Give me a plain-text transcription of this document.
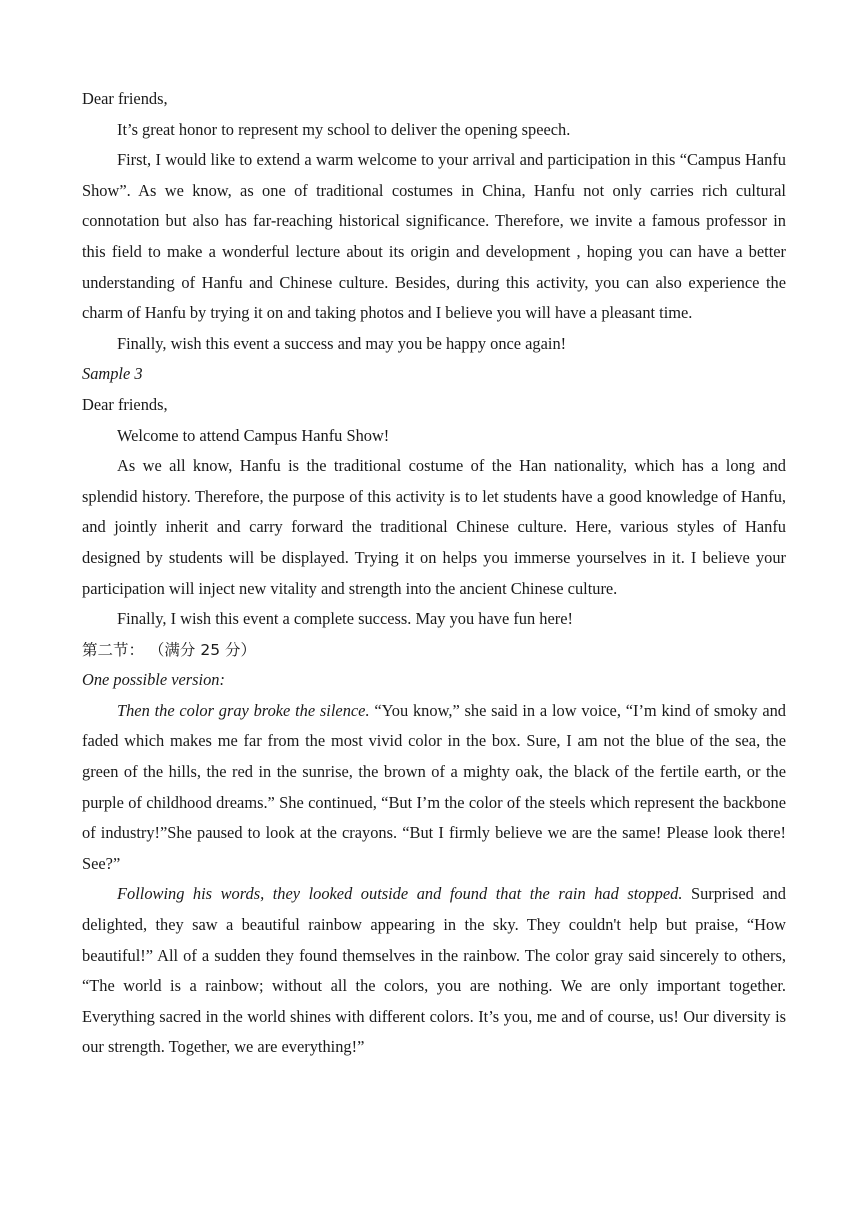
Dear friends,

It’s great honor to represent my school to deliver the opening speech.

First, I would like to extend a warm welcome to your arrival and participation in this “Campus Hanfu Show”. As we know, as one of traditional costumes in China, Hanfu not only carries rich cultural connotation but also has far-reaching historical significance. Therefore, we invite a famous professor in this field to make a wonderful lecture about its origin and development , hoping you can have a better understanding of Hanfu and Chinese culture. Besides, during this activity, you can also experience the charm of Hanfu by trying it on and taking photos and I believe you will have a pleasant time.

Finally, wish this event a success and may you be happy once again!

Sample 3

Dear friends,

Welcome to attend Campus Hanfu Show!

As we all know, Hanfu is the traditional costume of the Han nationality, which has a long and splendid history. Therefore, the purpose of this activity is to let students have a good knowledge of Hanfu, and jointly inherit and carry forward the traditional Chinese culture. Here, various styles of Hanfu designed by students will be displayed. Trying it on helps you immerse yourselves in it. I believe your participation will inject new vitality and strength into the ancient Chinese culture.

Finally, I wish this event a complete success. May you have fun here!

第二节： （满分 25 分）

One possible version:

Then the color gray broke the silence. “You know,” she said in a low voice, “I’m kind of smoky and faded which makes me far from the most vivid color in the box. Sure, I am not the blue of the sea, the green of the hills, the red in the sunrise, the brown of a mighty oak, the black of the fertile earth, or the purple of childhood dreams.” She continued, “But I’m the color of the steels which represent the backbone of industry!”She paused to look at the crayons. “But I firmly believe we are the same! Please look there! See?”

Following his words, they looked outside and found that the rain had stopped. Surprised and delighted, they saw a beautiful rainbow appearing in the sky. They couldn't help but praise, “How beautiful!” All of a sudden they found themselves in the rainbow. The color gray said sincerely to others, “The world is a rainbow; without all the colors, you are nothing. We are only important together. Everything sacred in the world shines with different colors. It’s you, me and of course, us! Our diversity is our strength. Together, we are everything!”
